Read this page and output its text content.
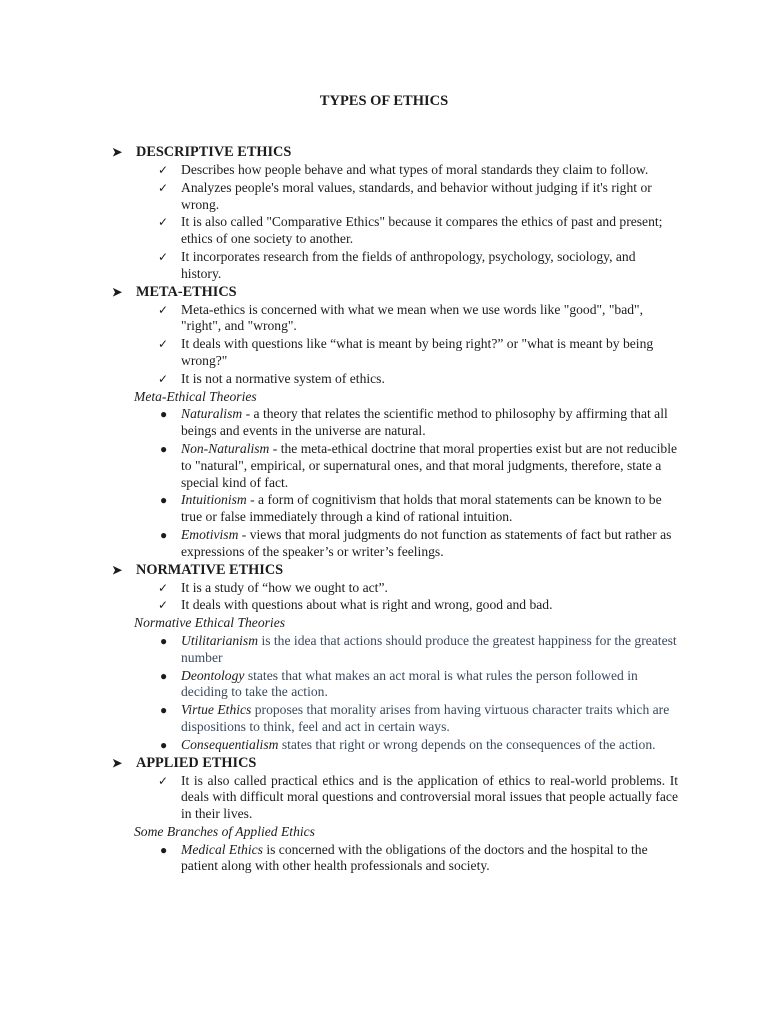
TYPES OF ETHICS
➤ DESCRIPTIVE ETHICS
✓ Describes how people behave and what types of moral standards they claim to follow.
✓ Analyzes people's moral values, standards, and behavior without judging if it's right or wrong.
✓ It is also called "Comparative Ethics" because it compares the ethics of past and present; ethics of one society to another.
✓ It incorporates research from the fields of anthropology, psychology, sociology, and history.
➤ META-ETHICS
✓ Meta-ethics is concerned with what we mean when we use words like "good", "bad", "right", and "wrong".
✓ It deals with questions like “what is meant by being right?” or "what is meant by being wrong?"
✓ It is not a normative system of ethics.
Meta-Ethical Theories
● Naturalism - a theory that relates the scientific method to philosophy by affirming that all beings and events in the universe are natural.
● Non-Naturalism - the meta-ethical doctrine that moral properties exist but are not reducible to "natural", empirical, or supernatural ones, and that moral judgments, therefore, state a special kind of fact.
● Intuitionism - a form of cognitivism that holds that moral statements can be known to be true or false immediately through a kind of rational intuition.
● Emotivism - views that moral judgments do not function as statements of fact but rather as expressions of the speaker’s or writer’s feelings.
➤ NORMATIVE ETHICS
✓ It is a study of “how we ought to act”.
✓ It deals with questions about what is right and wrong, good and bad.
Normative Ethical Theories
● Utilitarianism is the idea that actions should produce the greatest happiness for the greatest number
● Deontology states that what makes an act moral is what rules the person followed in deciding to take the action.
● Virtue Ethics proposes that morality arises from having virtuous character traits which are dispositions to think, feel and act in certain ways.
● Consequentialism states that right or wrong depends on the consequences of the action.
➤ APPLIED ETHICS
✓ It is also called practical ethics and is the application of ethics to real-world problems. It deals with difficult moral questions and controversial moral issues that people actually face in their lives.
Some Branches of Applied Ethics
● Medical Ethics is concerned with the obligations of the doctors and the hospital to the patient along with other health professionals and society.
